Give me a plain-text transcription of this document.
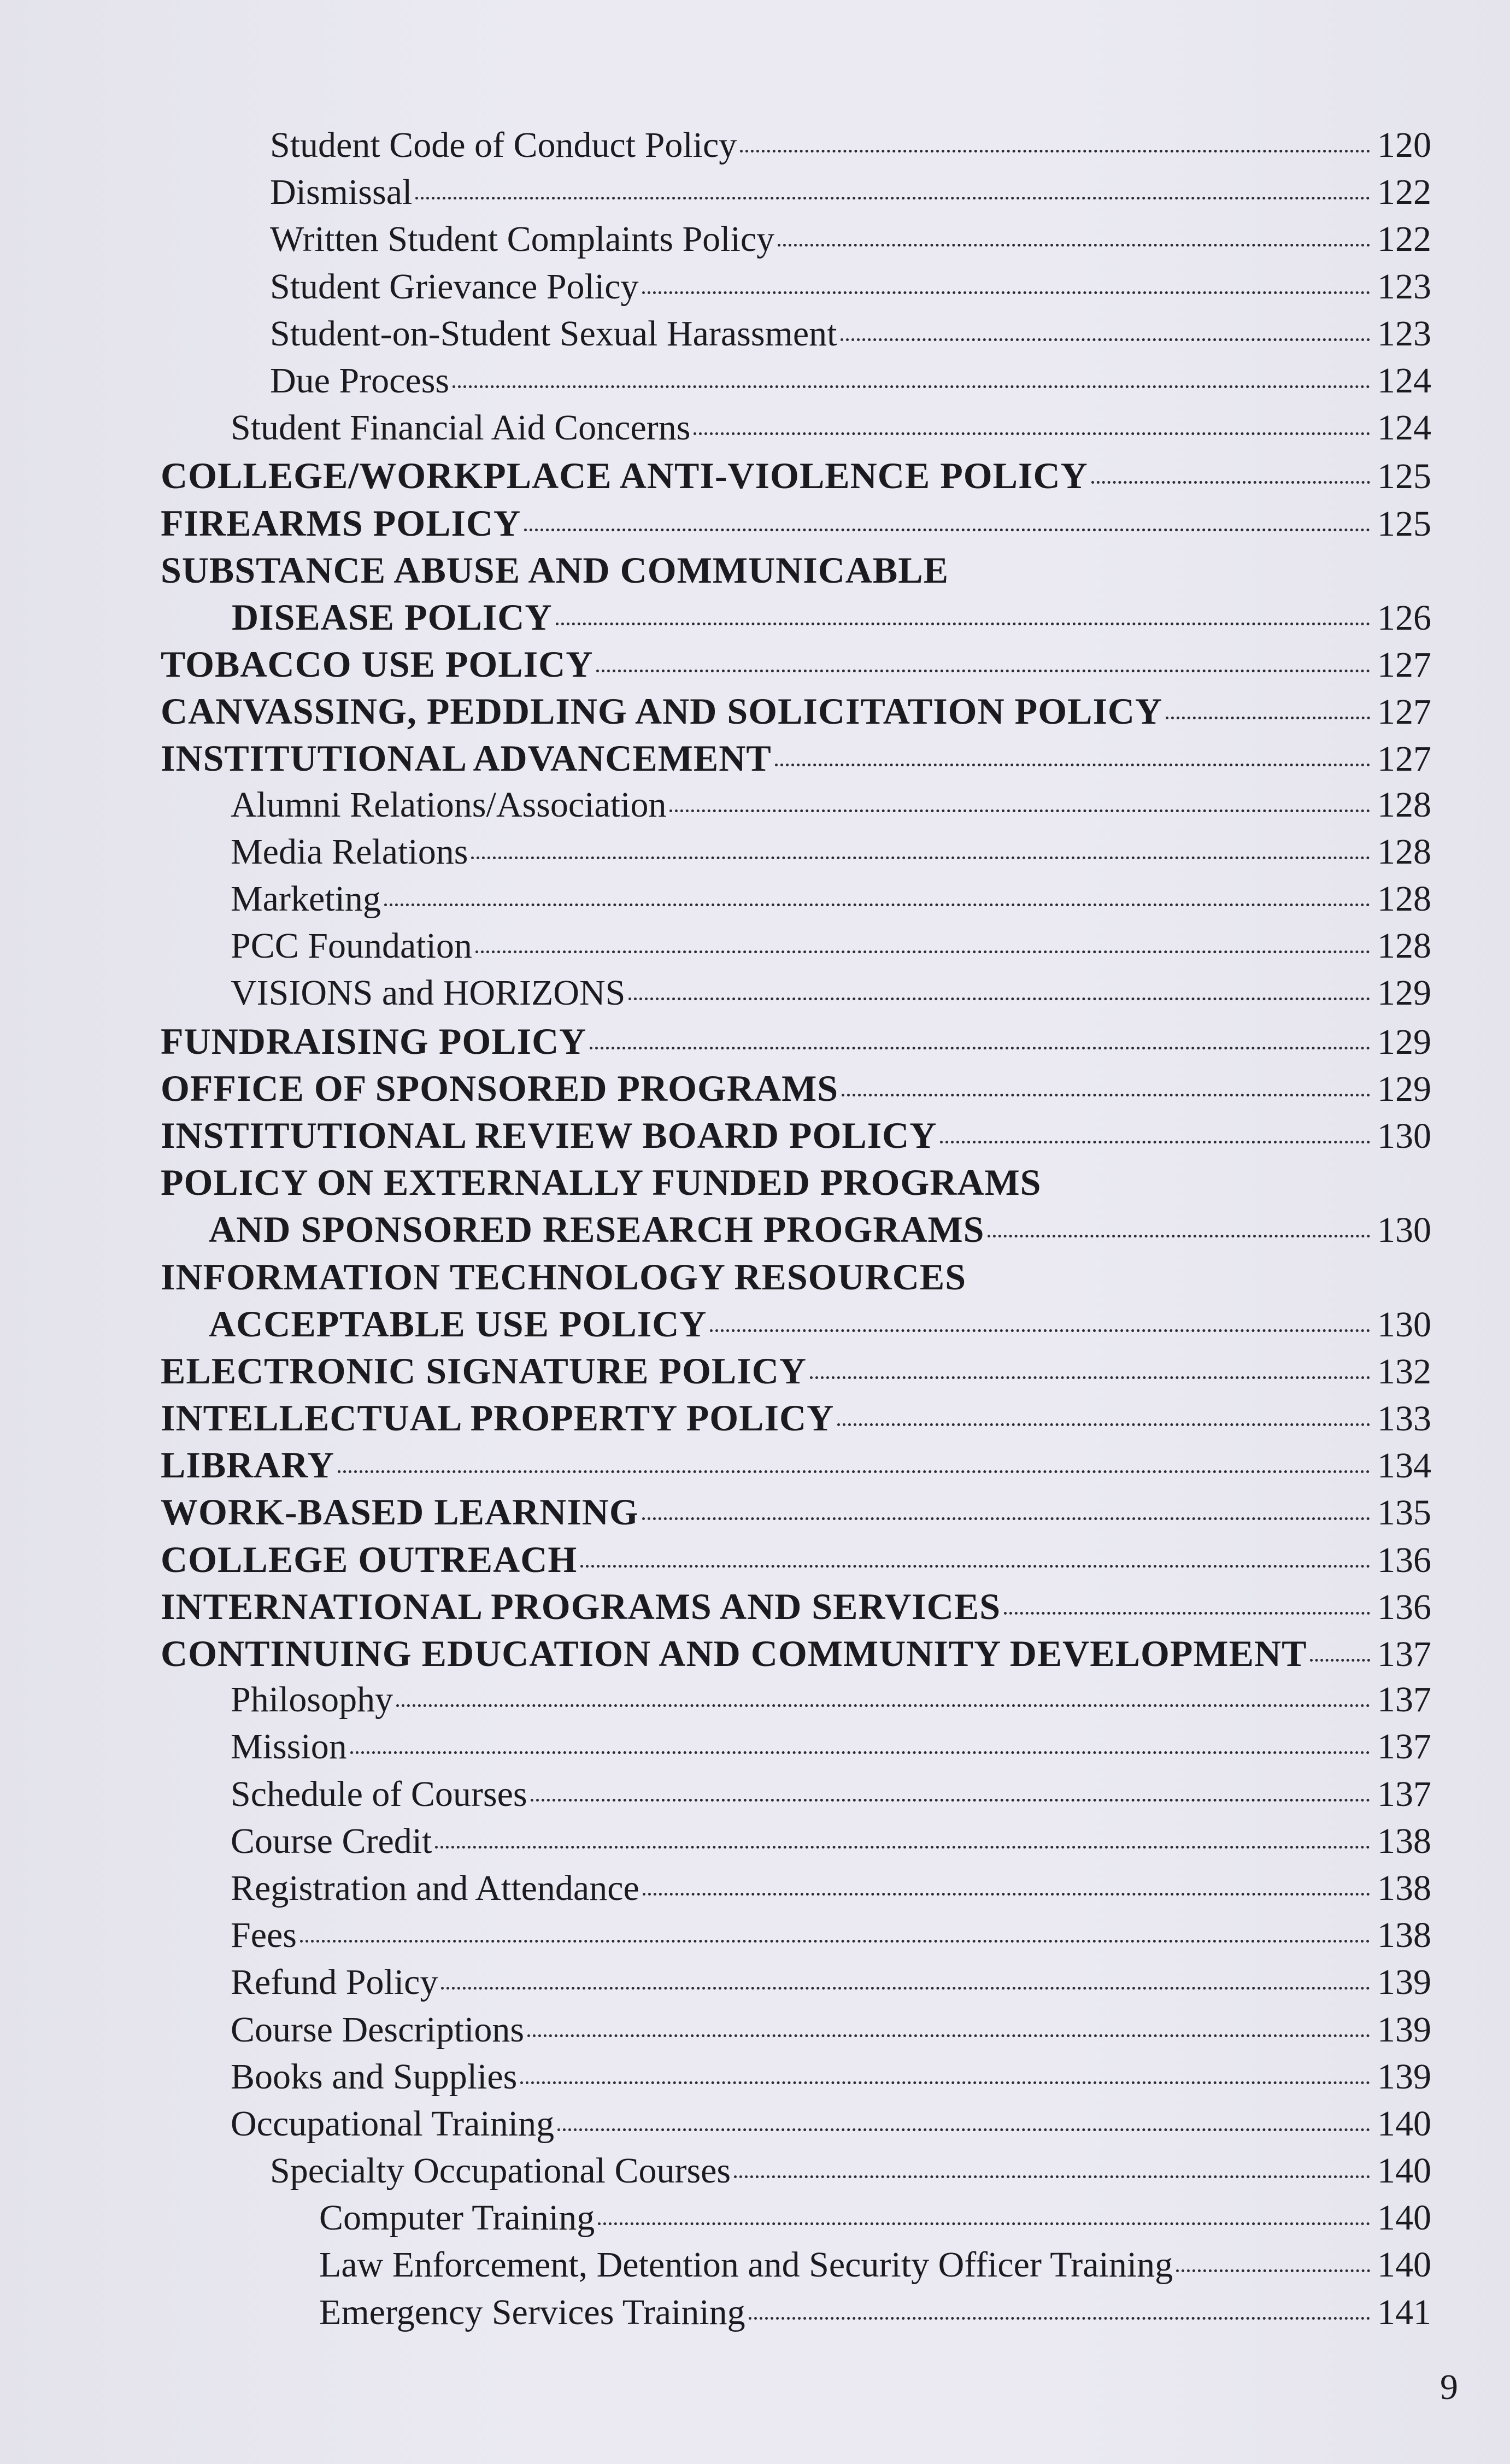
Student Code of Conduct Policy	120
Dismissal	122
Written Student Complaints Policy	122
Student Grievance Policy	123
Student-on-Student Sexual Harassment	123
Due Process	124
Student Financial Aid Concerns	124
COLLEGE/WORKPLACE ANTI-VIOLENCE POLICY	125
FIREARMS POLICY	125
SUBSTANCE ABUSE AND COMMUNICABLE
DISEASE POLICY	126
TOBACCO USE POLICY	127
CANVASSING, PEDDLING AND SOLICITATION POLICY	127
INSTITUTIONAL ADVANCEMENT	127
Alumni Relations/Association	128
Media Relations	128
Marketing	128
PCC Foundation	128
VISIONS and HORIZONS	129
FUNDRAISING POLICY	129
OFFICE OF SPONSORED PROGRAMS	129
INSTITUTIONAL REVIEW BOARD POLICY	130
POLICY ON EXTERNALLY FUNDED PROGRAMS
AND SPONSORED RESEARCH PROGRAMS	130
INFORMATION TECHNOLOGY RESOURCES
ACCEPTABLE USE POLICY	130
ELECTRONIC SIGNATURE POLICY	132
INTELLECTUAL PROPERTY POLICY	133
LIBRARY	134
WORK-BASED LEARNING	135
COLLEGE OUTREACH	136
INTERNATIONAL PROGRAMS AND SERVICES	136
CONTINUING EDUCATION AND COMMUNITY DEVELOPMENT 137
Philosophy	137
Mission	137
Schedule of Courses	137
Course Credit	138
Registration and Attendance	138
Fees	138
Refund Policy	139
Course Descriptions	139
Books and Supplies	139
Occupational Training	140
Specialty Occupational Courses	140
Computer Training	140
Law Enforcement, Detention and Security Officer Training	140
Emergency Services Training	141
9
